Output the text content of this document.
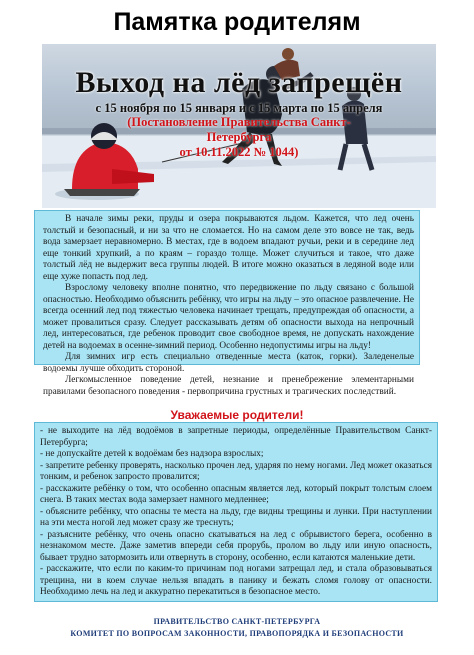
Памятка родителям
Выход на лёд запрещён
с 15 ноября по 15 января и с 15 марта по 15 апреля
(Постановление Правительства Санкт-Петербурга
от 10.11.2022 № 1044)

В начале зимы реки, пруды и озера покрываются льдом. Кажется, что лед очень толстый и безопасный, и ни за что не сломается. Но на самом деле это вовсе не так, ведь вода замерзает неравномерно. В местах, где в водоем впадают ручьи, реки и в середине лед еще тонкий хрупкий, а по краям – гораздо толще. Может случиться и такое, что даже толстый лёд не выдержит веса группы людей. В итоге можно оказаться в ледяной воде или еще хуже попасть под лед.

Взрослому человеку вполне понятно, что передвижение по льду связано с большой опасностью. Необходимо объяснить ребёнку, что игры на льду – это опасное развлечение. Не всегда осенний лед под тяжестью человека начинает трещать, предупреждая об опасности, а может провалиться сразу. Следует рассказывать детям об опасности выхода на непрочный лед, интересоваться, где ребенок проводит свое свободное время, не допускать нахождение детей на водоемах в осенне-зимний период. Особенно недопустимы игры на льду!

Для зимних игр есть специально отведенные места (каток, горки). Заледенелые водоемы лучше обходить стороной.

Легкомысленное поведение детей, незнание и пренебрежение элементарными правилами безопасного поведения - первопричина грустных и трагических последствий.

Уважаемые родители!

- не выходите на лёд водоёмов в запретные периоды, определённые Правительством Санкт-Петербурга;

- не допускайте детей к водоёмам без надзора взрослых;

- запретите ребенку проверять, насколько прочен лед, ударяя по нему ногами. Лед может оказаться тонким, и ребенок запросто провалится;

- расскажите ребёнку о том, что особенно опасным является лед, который покрыт толстым слоем снега. В таких местах вода замерзает намного медленнее;

- объясните ребёнку, что опасны те места на льду, где видны трещины и лунки. При наступлении на эти места ногой лед может сразу же треснуть;

- разъясните ребёнку, что очень опасно скатываться на лед с обрывистого берега, особенно в незнакомом месте. Даже заметив впереди себя прорубь, пролом во льду или иную опасность, бывает трудно затормозить или отвернуть в сторону, особенно, если катаются маленькие дети.

- расскажите, что если по каким-то причинам под ногами затрещал лед, и стала образовываться трещина, ни в коем случае нельзя впадать в панику и бежать сломя голову от опасности. Необходимо лечь на лед и аккуратно перекатиться в безопасное место.

ПРАВИТЕЛЬСТВО САНКТ-ПЕТЕРБУРГА
КОМИТЕТ ПО ВОПРОСАМ ЗАКОННОСТИ, ПРАВОПОРЯДКА И БЕЗОПАСНОСТИ
